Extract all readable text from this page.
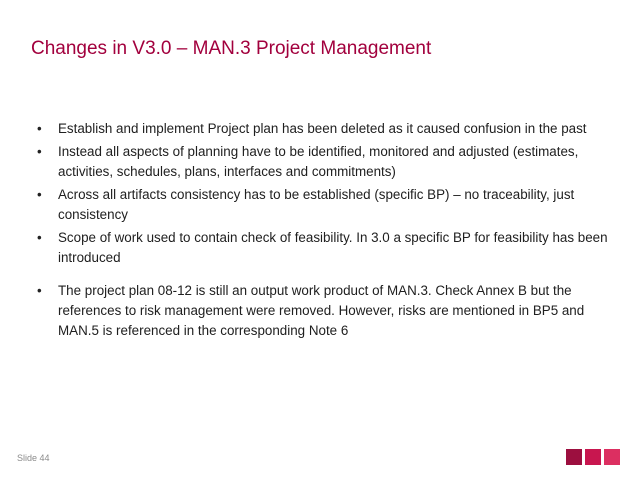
Changes in V3.0 – MAN.3 Project Management
•	Establish and implement Project plan has been deleted as it caused confusion in the past
•	Instead all aspects of planning have to be identified, monitored and adjusted (estimates, activities, schedules, plans, interfaces and commitments)
•	Across all artifacts consistency has to be established (specific BP) – no traceability, just consistency
•	Scope of work used to contain check of feasibility. In 3.0 a specific BP for feasibility has been introduced
•	The project plan 08-12 is still an output work product of MAN.3. Check Annex B but the references to risk management were removed. However, risks are mentioned in BP5 and MAN.5 is referenced in the corresponding Note 6
Slide 44
